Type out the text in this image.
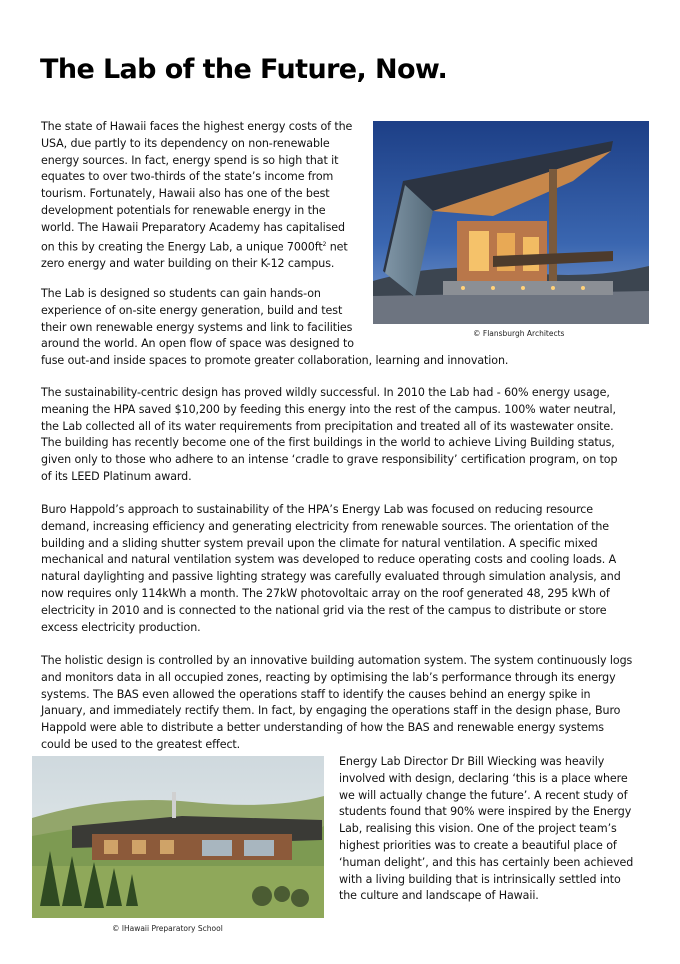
The Lab of the Future, Now.
The state of Hawaii faces the highest energy costs of the
USA, due partly to its dependency on non-renewable
energy sources. In fact, energy spend is so high that it
equates to over two-thirds of the state’s income from
tourism. Fortunately, Hawaii also has one of the best
development potentials for renewable energy in the
world. The Hawaii Preparatory Academy has capitalised
on this by creating the Energy Lab, a unique $7000ft^2$ net
zero energy and water building on their K-12 campus.
The Lab is designed so students can gain hands-on
experience of on-site energy generation, build and test
their own renewable energy systems and link to facilities
around the world. An open flow of space was designed to
fuse out-and inside spaces to promote greater collaboration, learning and innovation.

© Flansburgh Architects

The sustainability-centric design has proved wildly successful. In 2010 the Lab had - 60% energy usage,
meaning the HPA saved $10,200 by feeding this energy into the rest of the campus. 100% water neutral,
the Lab collected all of its water requirements from precipitation and treated all of its wastewater onsite.
The building has recently become one of the first buildings in the world to achieve Living Building status,
given only to those who adhere to an intense ‘cradle to grave responsibility’ certification program, on top
of its LEED Platinum award.
Buro Happold’s approach to sustainability of the HPA’s Energy Lab was focused on reducing resource
demand, increasing efficiency and generating electricity from renewable sources. The orientation of the
building and a sliding shutter system prevail upon the climate for natural ventilation. A specific mixed
mechanical and natural ventilation system was developed to reduce operating costs and cooling loads. A
natural daylighting and passive lighting strategy was carefully evaluated through simulation analysis, and
now requires only 114kWh a month. The 27kW photovoltaic array on the roof generated 48, 295 kWh of
electricity in 2010 and is connected to the national grid via the rest of the campus to distribute or store
excess electricity production.
The holistic design is controlled by an innovative building automation system. The system continuously logs
and monitors data in all occupied zones, reacting by optimising the lab’s performance through its energy
systems. The BAS even allowed the operations staff to identify the causes behind an energy spike in
January, and immediately rectify them. In fact, by engaging the operations staff in the design phase, Buro
Happold were able to distribute a better understanding of how the BAS and renewable energy systems
could be used to the greatest effect.

© lHawaii Preparatory School

Energy Lab Director Dr Bill Wiecking was heavily
involved with design, declaring ‘this is a place where
we will actually change the future’. A recent study of
students found that 90% were inspired by the Energy
Lab, realising this vision. One of the project team’s
highest priorities was to create a beautiful place of
‘human delight’, and this has certainly been achieved
with a living building that is intrinsically settled into
the culture and landscape of Hawaii.
